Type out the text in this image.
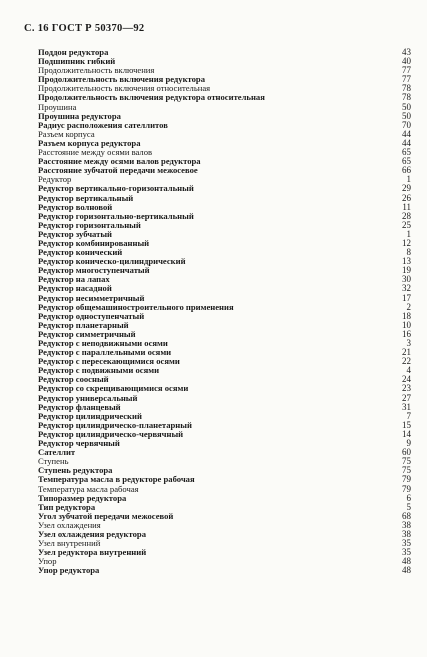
С. 16 ГОСТ Р 50370—92
Поддон редуктора	43
Подшипник гибкий	40
Продолжительность включения	77
Продолжительность включения редуктора	77
Продолжительность включения относительная	78
Продолжительность включения редуктора относительная	78
Проушина	50
Проушина редуктора	50
Радиус расположения сателлитов	70
Разъем корпуса	44
Разъем корпуса редуктора	44
Расстояние между осями валов	65
Расстояние между осями валов редуктора	65
Расстояние зубчатой передачи межосевое	66
Редуктор	1
Редуктор вертикально-горизонтальный	29
Редуктор вертикальный	26
Редуктор волновой	11
Редуктор горизонтально-вертикальный	28
Редуктор горизонтальный	25
Редуктор зубчатый	1
Редуктор комбинированный	12
Редуктор конический	8
Редуктор коническо-цилиндрический	13
Редуктор многоступенчатый	19
Редуктор на лапах	30
Редуктор насадной	32
Редуктор несимметричный	17
Редуктор общемашиностроительного применения	2
Редуктор одноступенчатый	18
Редуктор планетарный	10
Редуктор симметричный	16
Редуктор с неподвижными осями	3
Редуктор с параллельными осями	21
Редуктор с пересекающимися осями	22
Редуктор с подвижными осями	4
Редуктор соосный	24
Редуктор со скрещивающимися осями	23
Редуктор универсальный	27
Редуктор фланцевый	31
Редуктор цилиндрический	7
Редуктор цилиндрическо-планетарный	15
Редуктор цилиндрическо-червячный	14
Редуктор червячный	9
Сателлит	60
Ступень	75
Ступень редуктора	75
Температура масла в редукторе рабочая	79
Температура масла рабочая	79
Типоразмер редуктора	6
Тип редуктора	5
Угол зубчатой передачи межосевой	68
Узел охлаждения	38
Узел охлаждения редуктора	38
Узел внутренний	35
Узел редуктора внутренний	35
Упор	48
Упор редуктора	48
